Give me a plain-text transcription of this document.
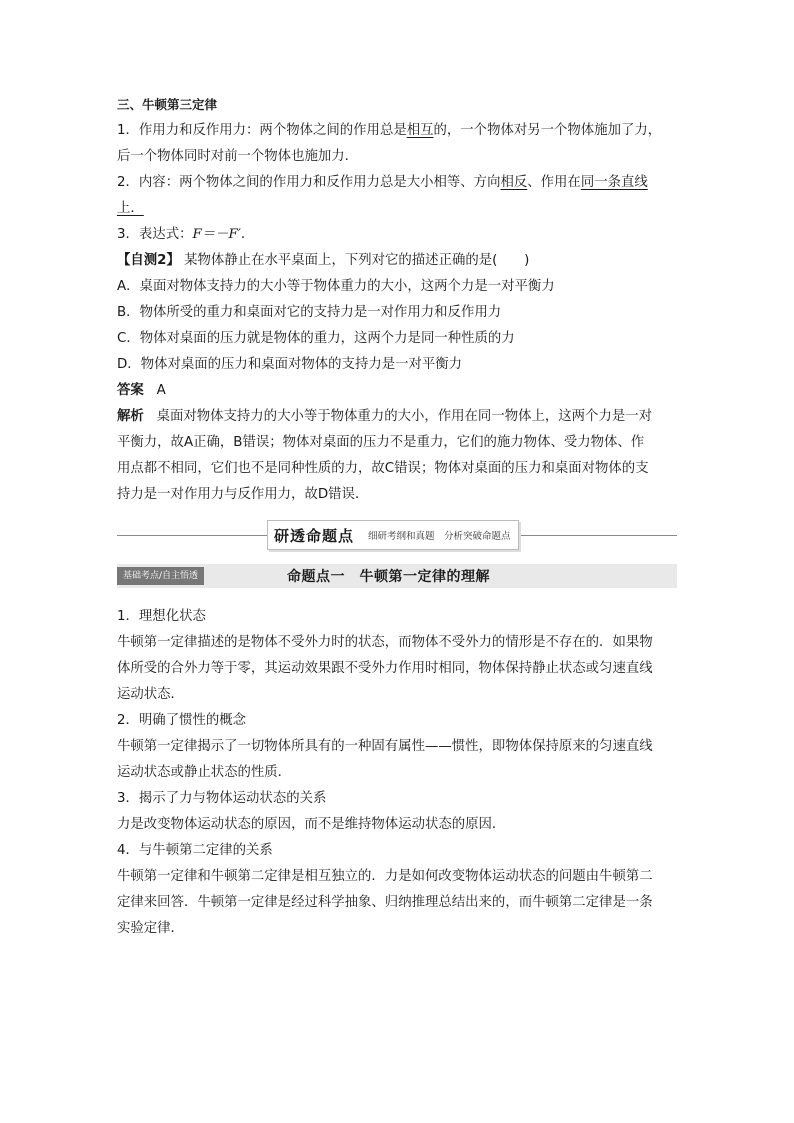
三、牛顿第三定律
1．作用力和反作用力：两个物体之间的作用总是相互的，一个物体对另一个物体施加了力，
后一个物体同时对前一个物体也施加力．
2．内容：两个物体之间的作用力和反作用力总是大小相等、方向相反、作用在同一条直线
上．
3．表达式：F＝－F′．
【自测2】 某物体静止在水平桌面上，下列对它的描述正确的是(　　)
A．桌面对物体支持力的大小等于物体重力的大小，这两个力是一对平衡力
B．物体所受的重力和桌面对它的支持力是一对作用力和反作用力
C．物体对桌面的压力就是物体的重力，这两个力是同一种性质的力
D．物体对桌面的压力和桌面对物体的支持力是一对平衡力
答案 A
解析 桌面对物体支持力的大小等于物体重力的大小，作用在同一物体上，这两个力是一对
平衡力，故A正确，B错误；物体对桌面的压力不是重力，它们的施力物体、受力物体、作
用点都不相同，它们也不是同种性质的力，故C错误；物体对桌面的压力和桌面对物体的支
持力是一对作用力与反作用力，故D错误．
研透命题点	细研考纲和真题　分析突破命题点
基础考点/自主悟透	命题点一　牛顿第一定律的理解
1．理想化状态
牛顿第一定律描述的是物体不受外力时的状态，而物体不受外力的情形是不存在的．如果物
体所受的合外力等于零，其运动效果跟不受外力作用时相同，物体保持静止状态或匀速直线
运动状态．
2．明确了惯性的概念
牛顿第一定律揭示了一切物体所具有的一种固有属性——惯性，即物体保持原来的匀速直线
运动状态或静止状态的性质．
3．揭示了力与物体运动状态的关系
力是改变物体运动状态的原因，而不是维持物体运动状态的原因．
4．与牛顿第二定律的关系
牛顿第一定律和牛顿第二定律是相互独立的．力是如何改变物体运动状态的问题由牛顿第二
定律来回答．牛顿第一定律是经过科学抽象、归纳推理总结出来的，而牛顿第二定律是一条
实验定律．
